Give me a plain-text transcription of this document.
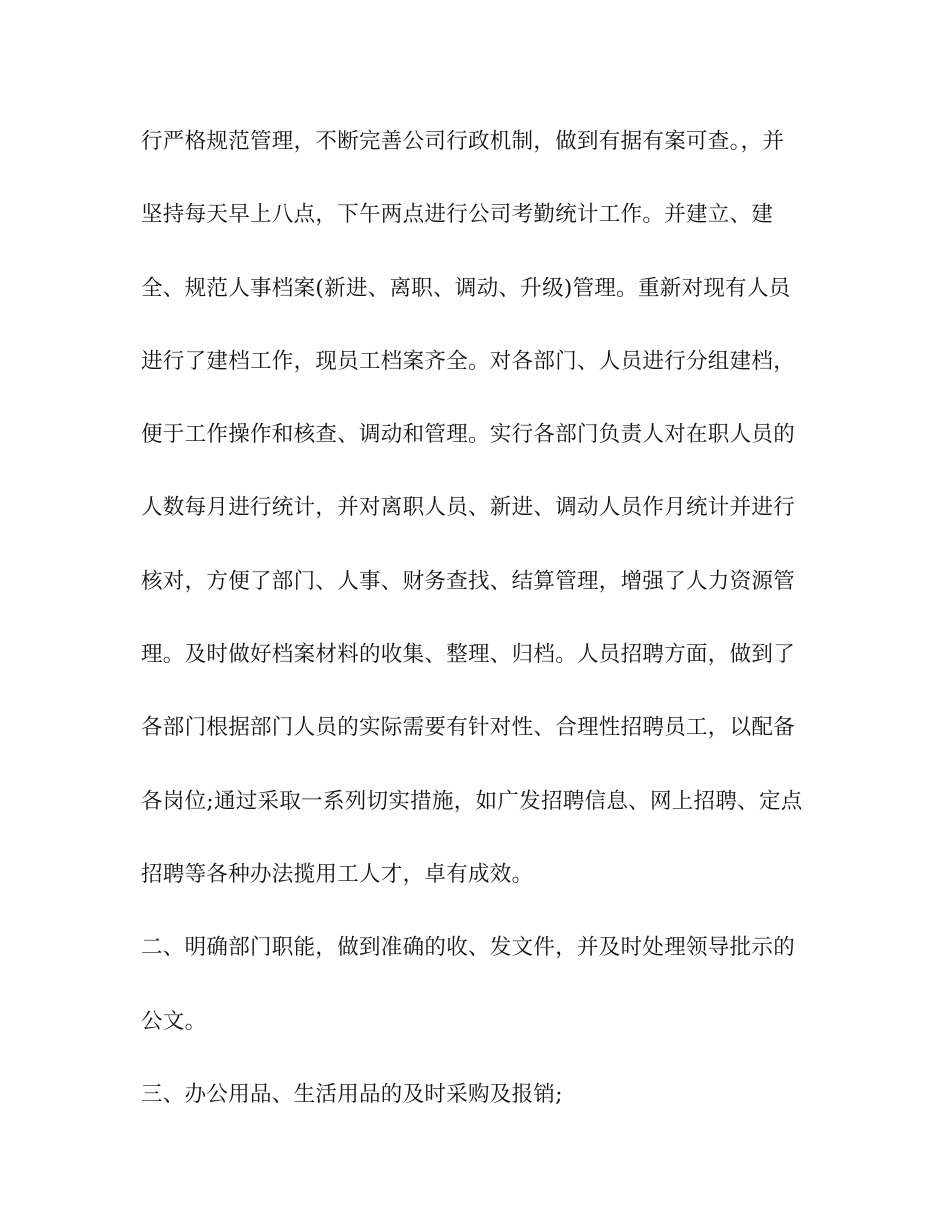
行严格规范管理，不断完善公司行政机制，做到有据有案可查。，并
坚持每天早上八点，下午两点进行公司考勤统计工作。并建立、建
全、规范人事档案(新进、离职、调动、升级)管理。重新对现有人员
进行了建档工作，现员工档案齐全。对各部门、人员进行分组建档，
便于工作操作和核查、调动和管理。实行各部门负责人对在职人员的
人数每月进行统计，并对离职人员、新进、调动人员作月统计并进行
核对，方便了部门、人事、财务查找、结算管理，增强了人力资源管
理。及时做好档案材料的收集、整理、归档。人员招聘方面，做到了
各部门根据部门人员的实际需要有针对性、合理性招聘员工，以配备
各岗位;通过采取一系列切实措施，如广发招聘信息、网上招聘、定点
招聘等各种办法揽用工人才，卓有成效。
二、明确部门职能，做到准确的收、发文件，并及时处理领导批示的
公文。
三、办公用品、生活用品的及时采购及报销;
